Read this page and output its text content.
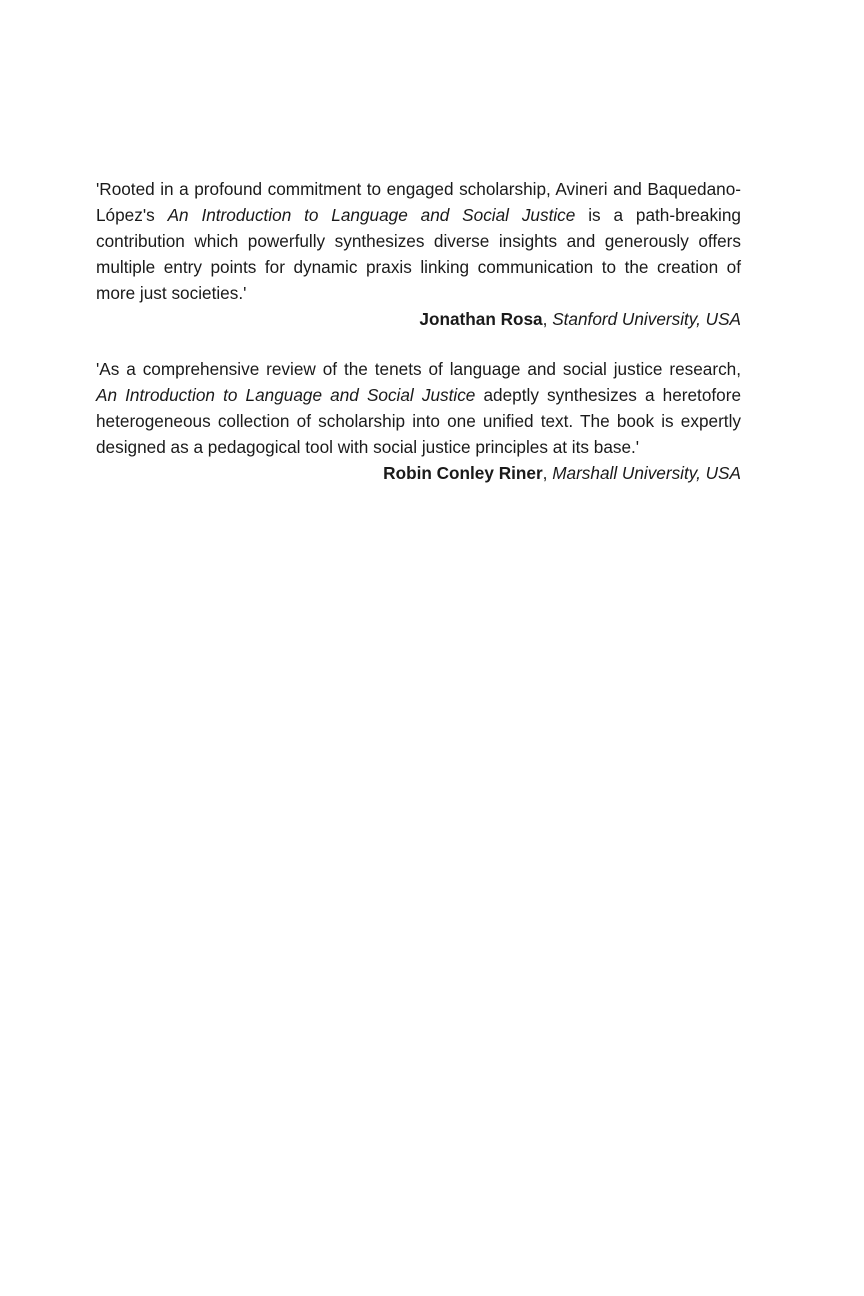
'Rooted in a profound commitment to engaged scholarship, Avineri and Baquedano-López's An Introduction to Language and Social Justice is a path-breaking contribution which powerfully synthesizes diverse insights and generously offers multiple entry points for dynamic praxis linking communication to the creation of more just societies.'

Jonathan Rosa, Stanford University, USA

'As a comprehensive review of the tenets of language and social justice research, An Introduction to Language and Social Justice adeptly synthesizes a heretofore heterogeneous collection of scholarship into one unified text. The book is expertly designed as a pedagogical tool with social justice principles at its base.'

Robin Conley Riner, Marshall University, USA
